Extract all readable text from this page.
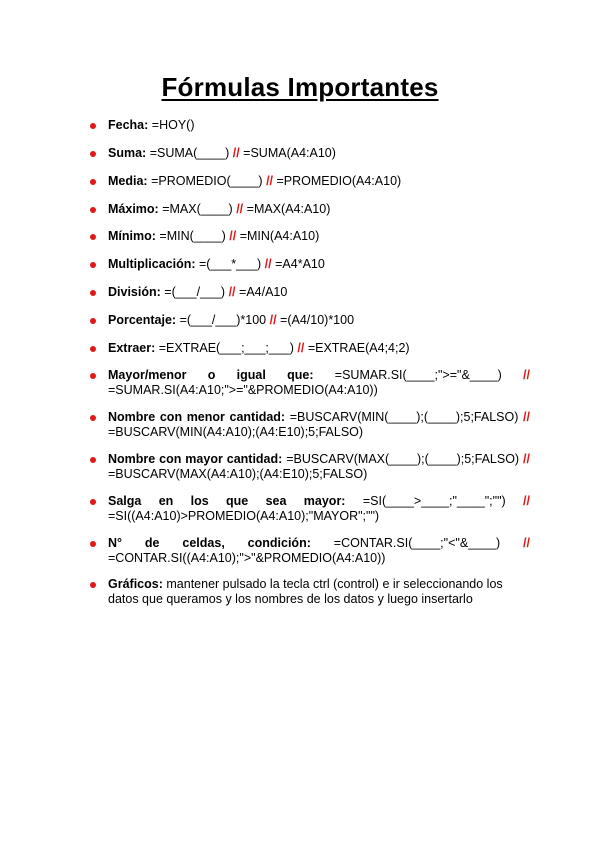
Fórmulas Importantes
Fecha: =HOY()
Suma: =SUMA(____) // =SUMA(A4:A10)
Media: =PROMEDIO(____) // =PROMEDIO(A4:A10)
Máximo: =MAX(____) // =MAX(A4:A10)
Mínimo: =MIN(____) // =MIN(A4:A10)
Multiplicación: =(___*___) // =A4*A10
División: =(___/___) // =A4/A10
Porcentaje: =(___/___)*100 // =(A4/10)*100
Extraer: =EXTRAE(___;___;___) // =EXTRAE(A4;4;2)
Mayor/menor o igual que: =SUMAR.SI(____;">="&____) // =SUMAR.SI(A4:A10;">="&PROMEDIO(A4:A10))
Nombre con menor cantidad: =BUSCARV(MIN(____);(____);5;FALSO) // =BUSCARV(MIN(A4:A10);(A4:E10);5;FALSO)
Nombre con mayor cantidad: =BUSCARV(MAX(____);(____);5;FALSO) // =BUSCARV(MAX(A4:A10);(A4:E10);5;FALSO)
Salga en los que sea mayor: =SI(____>____;"____";"") // =SI((A4:A10)>PROMEDIO(A4:A10);"MAYOR";"")
N° de celdas, condición: =CONTAR.SI(____;"<"&____) // =CONTAR.SI((A4:A10);">"&PROMEDIO(A4:A10))
Gráficos: mantener pulsado la tecla ctrl (control) e ir seleccionando los datos que queramos y los nombres de los datos y luego insertarlo
